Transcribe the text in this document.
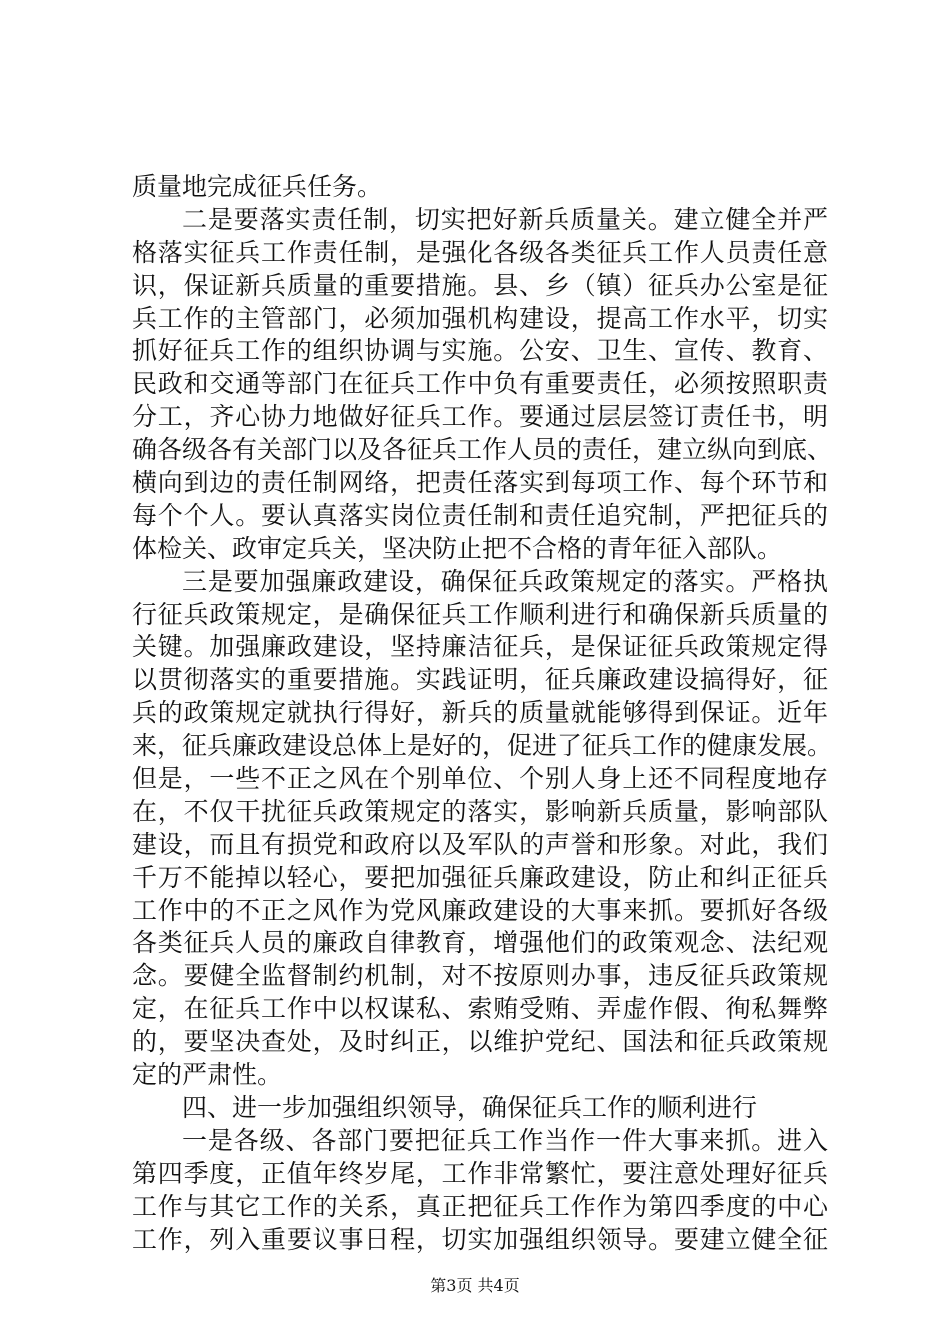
质量地完成征兵任务。
二是要落实责任制，切实把好新兵质量关。建立健全并严
格落实征兵工作责任制，是强化各级各类征兵工作人员责任意
识，保证新兵质量的重要措施。县、乡（镇）征兵办公室是征
兵工作的主管部门，必须加强机构建设，提高工作水平，切实
抓好征兵工作的组织协调与实施。公安、卫生、宣传、教育、
民政和交通等部门在征兵工作中负有重要责任，必须按照职责
分工，齐心协力地做好征兵工作。要通过层层签订责任书，明
确各级各有关部门以及各征兵工作人员的责任，建立纵向到底、
横向到边的责任制网络，把责任落实到每项工作、每个环节和
每个个人。要认真落实岗位责任制和责任追究制，严把征兵的
体检关、政审定兵关，坚决防止把不合格的青年征入部队。
三是要加强廉政建设，确保征兵政策规定的落实。严格执
行征兵政策规定，是确保征兵工作顺利进行和确保新兵质量的
关键。加强廉政建设，坚持廉洁征兵，是保证征兵政策规定得
以贯彻落实的重要措施。实践证明，征兵廉政建设搞得好，征
兵的政策规定就执行得好，新兵的质量就能够得到保证。近年
来，征兵廉政建设总体上是好的，促进了征兵工作的健康发展。
但是，一些不正之风在个别单位、个别人身上还不同程度地存
在，不仅干扰征兵政策规定的落实，影响新兵质量，影响部队
建设，而且有损党和政府以及军队的声誉和形象。对此，我们
千万不能掉以轻心，要把加强征兵廉政建设，防止和纠正征兵
工作中的不正之风作为党风廉政建设的大事来抓。要抓好各级
各类征兵人员的廉政自律教育，增强他们的政策观念、法纪观
念。要健全监督制约机制，对不按原则办事，违反征兵政策规
定，在征兵工作中以权谋私、索贿受贿、弄虚作假、徇私舞弊
的，要坚决查处，及时纠正，以维护党纪、国法和征兵政策规
定的严肃性。
四、进一步加强组织领导，确保征兵工作的顺利进行
一是各级、各部门要把征兵工作当作一件大事来抓。进入
第四季度，正值年终岁尾，工作非常繁忙，要注意处理好征兵
工作与其它工作的关系，真正把征兵工作作为第四季度的中心
工作，列入重要议事日程，切实加强组织领导。要建立健全征
第3页 共4页
